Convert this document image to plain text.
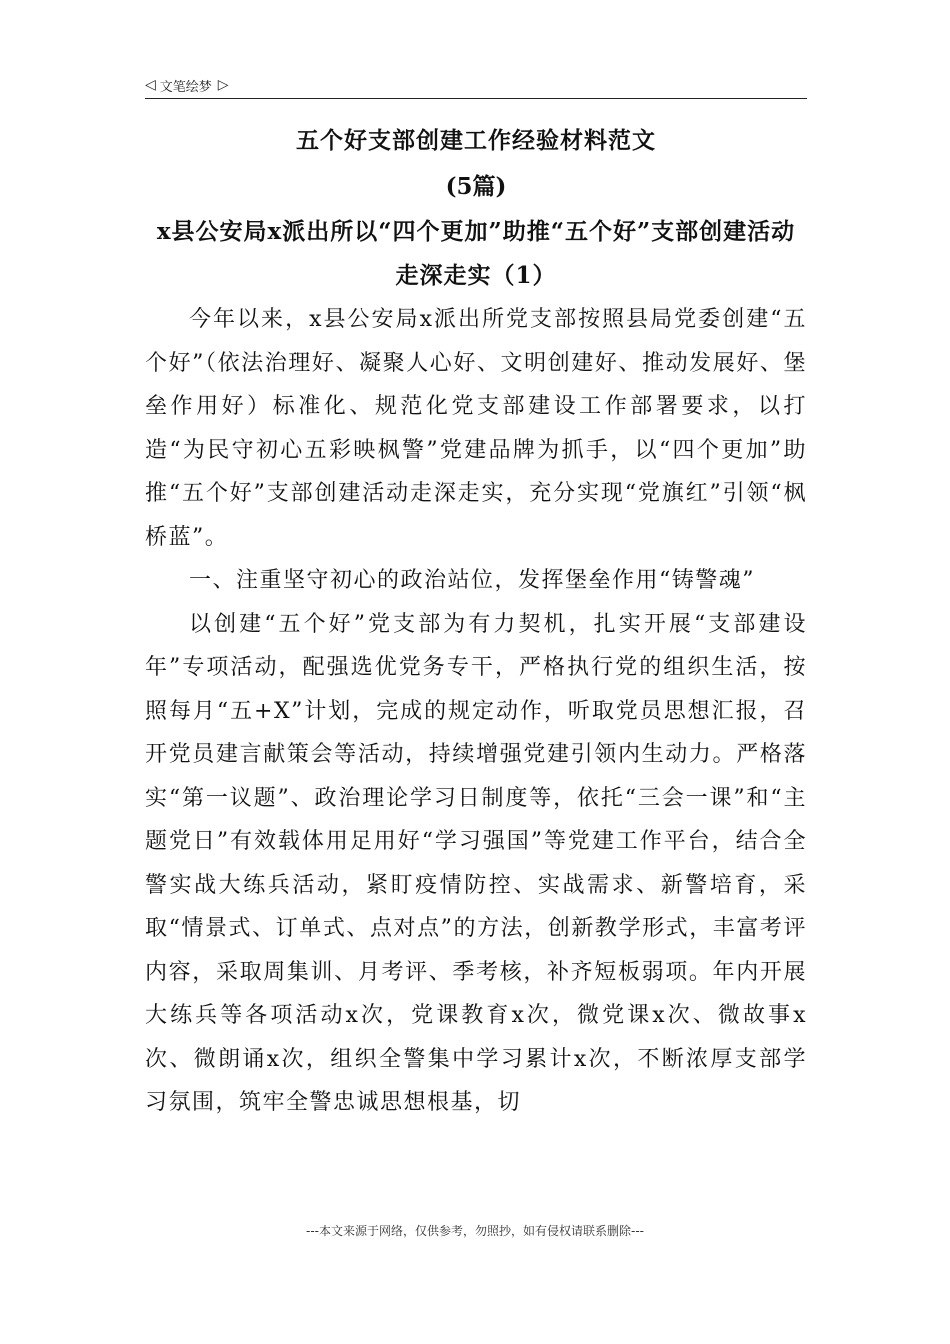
◁ 文笔绘梦 ▷
五个好支部创建工作经验材料范文
(5篇)
x县公安局x派出所以“四个更加”助推“五个好”支部创建活动走深走实（1）

今年以来，x县公安局x派出所党支部按照县局党委创建“五个好”（依法治理好、凝聚人心好、文明创建好、推动发展好、堡垒作用好）标准化、规范化党支部建设工作部署要求，以打造“为民守初心五彩映枫警”党建品牌为抓手，以“四个更加”助推“五个好”支部创建活动走深走实，充分实现“党旗红”引领“枫桥蓝”。

一、注重坚守初心的政治站位，发挥堡垒作用“铸警魂”

以创建“五个好”党支部为有力契机，扎实开展“支部建设年”专项活动，配强选优党务专干，严格执行党的组织生活，按照每月“五+X”计划，完成的规定动作，听取党员思想汇报，召开党员建言献策会等活动，持续增强党建引领内生动力。严格落实“第一议题”、政治理论学习日制度等，依托“三会一课”和“主题党日”有效载体用足用好“学习强国”等党建工作平台，结合全警实战大练兵活动，紧盯疫情防控、实战需求、新警培育，采取“情景式、订单式、点对点”的方法，创新教学形式，丰富考评内容，采取周集训、月考评、季考核，补齐短板弱项。年内开展大练兵等各项活动x次，党课教育x次，微党课x次、微故事x次、微朗诵x次，组织全警集中学习累计x次，不断浓厚支部学习氛围，筑牢全警忠诚思想根基，切

---本文来源于网络，仅供参考，勿照抄，如有侵权请联系删除---
